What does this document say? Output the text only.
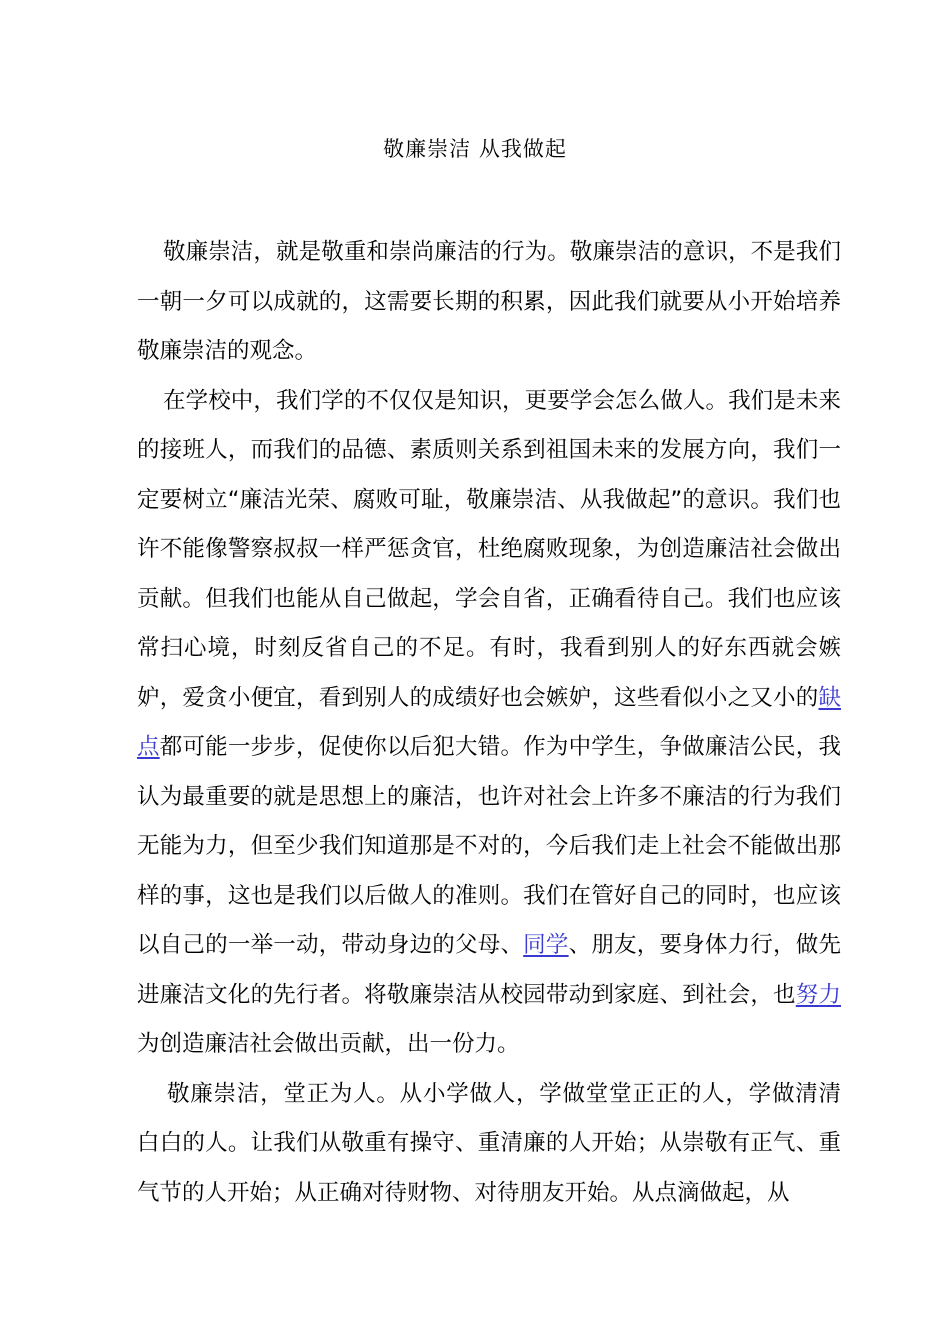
敬廉崇洁 从我做起

敬廉崇洁，就是敬重和崇尚廉洁的行为。敬廉崇洁的意识，不是我们一朝一夕可以成就的，这需要长期的积累，因此我们就要从小开始培养敬廉崇洁的观念。

在学校中，我们学的不仅仅是知识，更要学会怎么做人。我们是未来的接班人，而我们的品德、素质则关系到祖国未来的发展方向，我们一定要树立“廉洁光荣、腐败可耻，敬廉崇洁、从我做起”的意识。我们也许不能像警察叔叔一样严惩贪官，杜绝腐败现象，为创造廉洁社会做出贡献。但我们也能从自己做起，学会自省，正确看待自己。我们也应该常扫心境，时刻反省自己的不足。有时，我看到别人的好东西就会嫉妒，爱贪小便宜，看到别人的成绩好也会嫉妒，这些看似小之又小的缺点都可能一步步，促使你以后犯大错。作为中学生，争做廉洁公民，我认为最重要的就是思想上的廉洁，也许对社会上许多不廉洁的行为我们无能为力，但至少我们知道那是不对的，今后我们走上社会不能做出那样的事，这也是我们以后做人的准则。我们在管好自己的同时，也应该以自己的一举一动，带动身边的父母、同学、朋友，要身体力行，做先进廉洁文化的先行者。将敬廉崇洁从校园带动到家庭、到社会，也努力为创造廉洁社会做出贡献，出一份力。

敬廉崇洁，堂正为人。从小学做人，学做堂堂正正的人，学做清清白白的人。让我们从敬重有操守、重清廉的人开始；从崇敬有正气、重气节的人开始；从正确对待财物、对待朋友开始。从点滴做起，从
